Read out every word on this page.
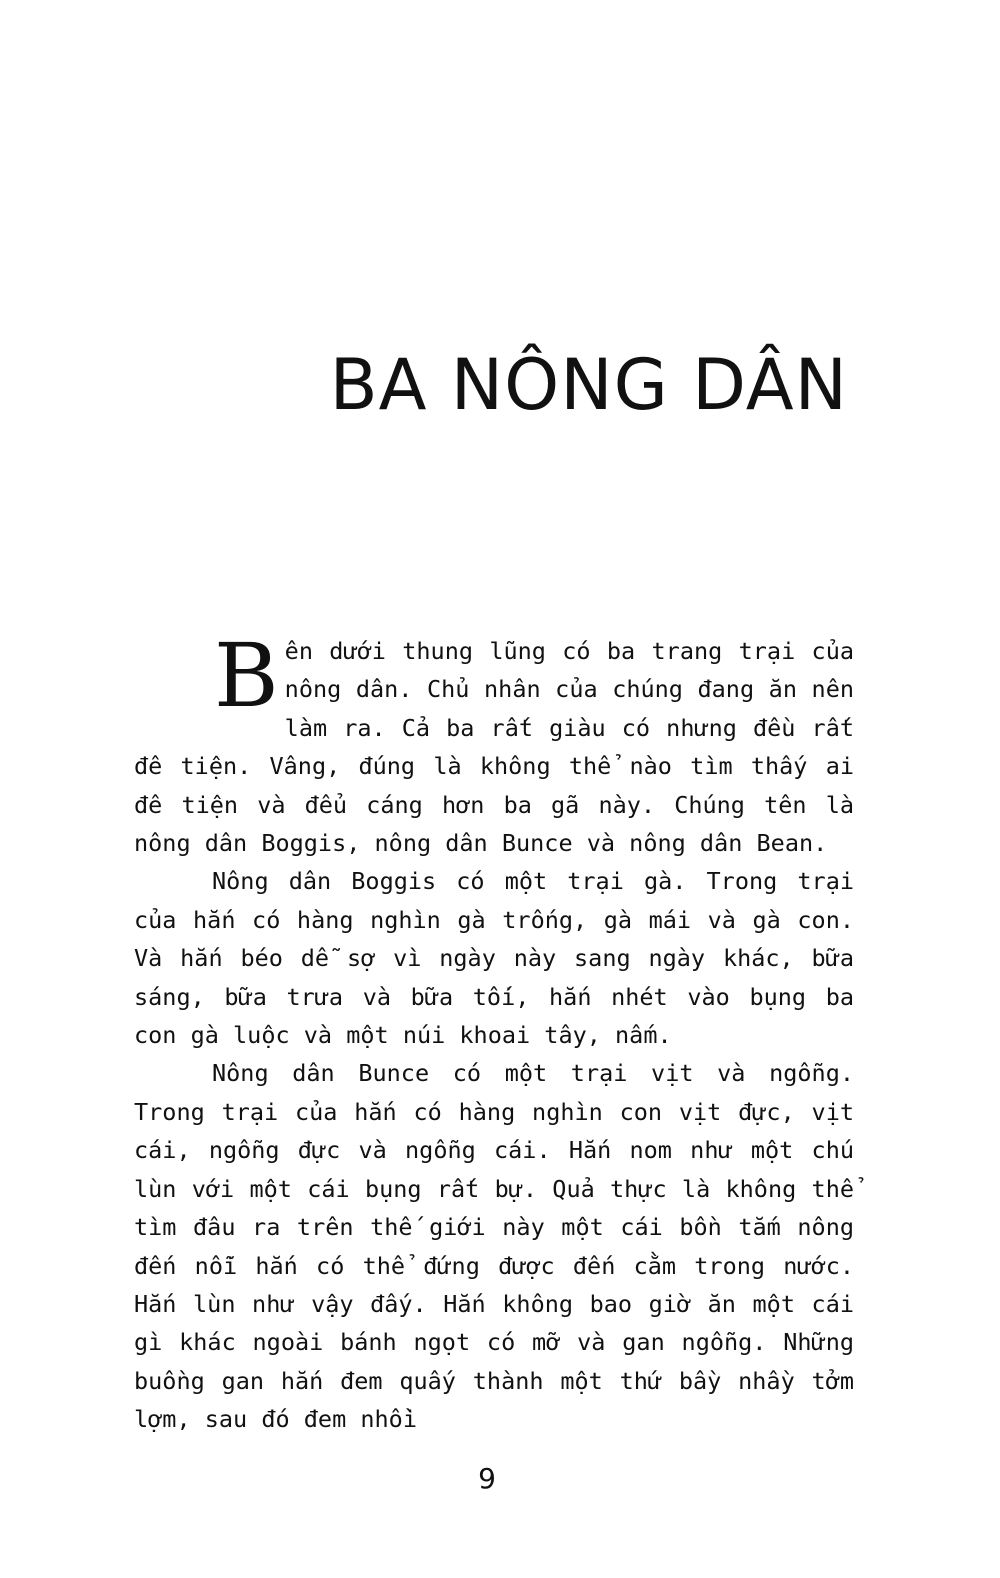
BA NÔNG DÂN

Bên dưới thung lũng có ba trang trại của nông dân. Chủ nhân của chúng đang ăn nên làm ra. Cả ba rất giàu có nhưng đều rất đê tiện. Vâng, đúng là không thể nào tìm thấy ai đê tiện và đểu cáng hơn ba gã này. Chúng tên là nông dân Boggis, nông dân Bunce và nông dân Bean.

Nông dân Boggis có một trại gà. Trong trại của hắn có hàng nghìn gà trống, gà mái và gà con. Và hắn béo dễ sợ vì ngày này sang ngày khác, bữa sáng, bữa trưa và bữa tối, hắn nhét vào bụng ba con gà luộc và một núi khoai tây, nấm.

Nông dân Bunce có một trại vịt và ngỗng. Trong trại của hắn có hàng nghìn con vịt đực, vịt cái, ngỗng đực và ngỗng cái. Hắn nom như một chú lùn với một cái bụng rất bự. Quả thực là không thể tìm đâu ra trên thế giới này một cái bồn tắm nông đến nỗi hắn có thể đứng được đến cằm trong nước. Hắn lùn như vậy đấy. Hắn không bao giờ ăn một cái gì khác ngoài bánh ngọt có mỡ và gan ngỗng. Những buồng gan hắn đem quấy thành một thứ bầy nhầy tởm lợm, sau đó đem nhồi

9
